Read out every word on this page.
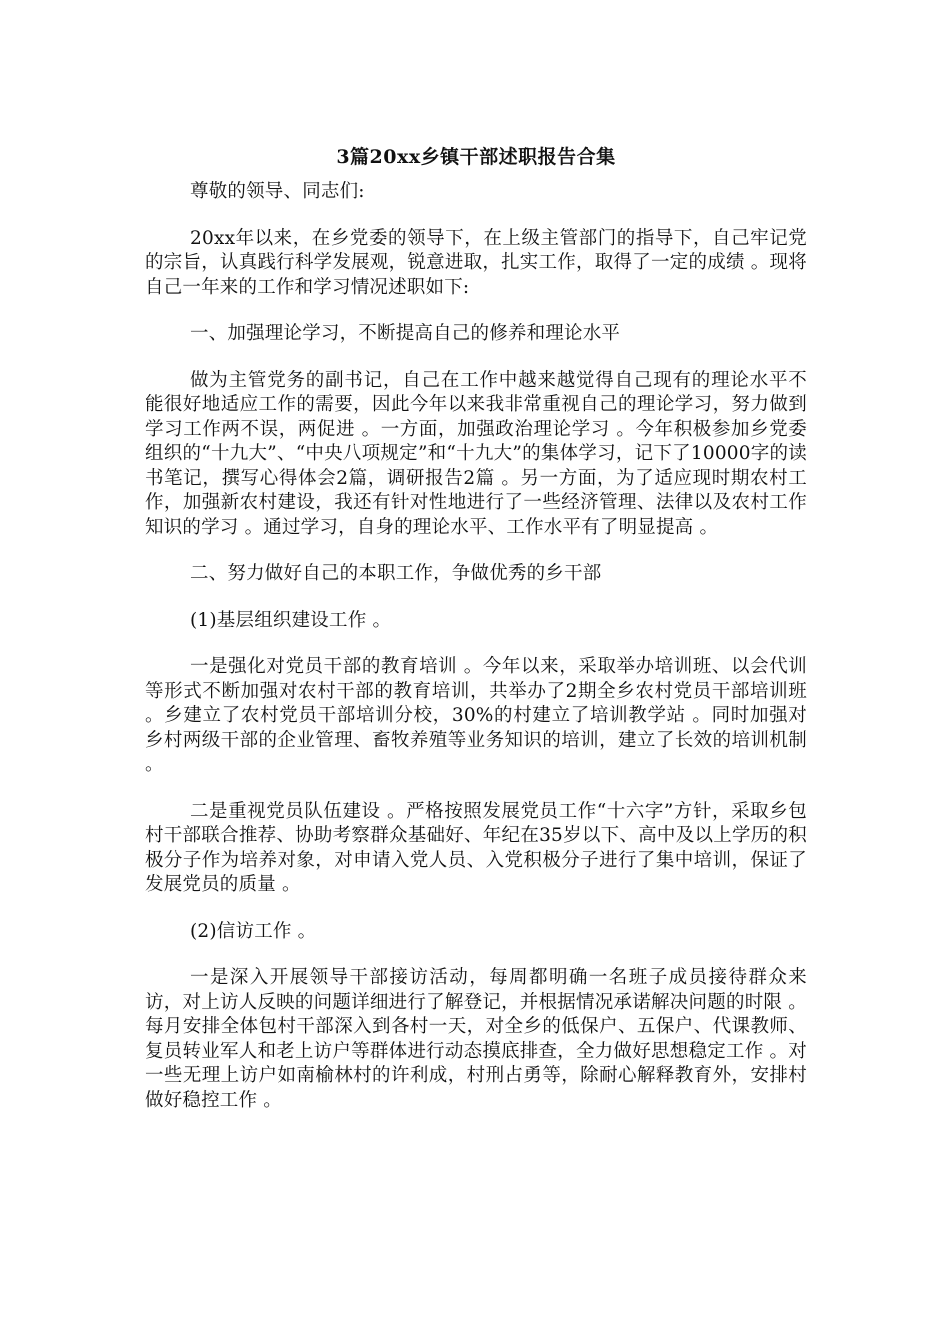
3篇20xx乡镇干部述职报告合集

尊敬的领导、同志们:

20xx年以来，在乡党委的领导下，在上级主管部门的指导下，自己牢记党的宗旨，认真践行科学发展观，锐意进取，扎实工作，取得了一定的成绩 。现将自己一年来的工作和学习情况述职如下:

一、加强理论学习，不断提高自己的修养和理论水平

做为主管党务的副书记，自己在工作中越来越觉得自己现有的理论水平不能很好地适应工作的需要，因此今年以来我非常重视自己的理论学习，努力做到学习工作两不误，两促进 。一方面，加强政治理论学习 。今年积极参加乡党委组织的“十九大”、“中央八项规定”和“十九大”的集体学习，记下了10000字的读书笔记，撰写心得体会2篇，调研报告2篇 。另一方面，为了适应现时期农村工作，加强新农村建设，我还有针对性地进行了一些经济管理、法律以及农村工作知识的学习 。通过学习，自身的理论水平、工作水平有了明显提高 。

二、努力做好自己的本职工作，争做优秀的乡干部

(1)基层组织建设工作 。

一是强化对党员干部的教育培训 。今年以来，采取举办培训班、以会代训等形式不断加强对农村干部的教育培训，共举办了2期全乡农村党员干部培训班 。乡建立了农村党员干部培训分校，30%的村建立了培训教学站 。同时加强对乡村两级干部的企业管理、畜牧养殖等业务知识的培训，建立了长效的培训机制 。

二是重视党员队伍建设 。严格按照发展党员工作“十六字”方针，采取乡包村干部联合推荐、协助考察群众基础好、年纪在35岁以下、高中及以上学历的积极分子作为培养对象，对申请入党人员、入党积极分子进行了集中培训，保证了发展党员的质量 。

(2)信访工作 。

一是深入开展领导干部接访活动，每周都明确一名班子成员接待群众来访，对上访人反映的问题详细进行了解登记，并根据情况承诺解决问题的时限 。每月安排全体包村干部深入到各村一天，对全乡的低保户、五保户、代课教师、复员转业军人和老上访户等群体进行动态摸底排查，全力做好思想稳定工作 。对一些无理上访户如南榆林村的许利成，村刑占勇等，除耐心解释教育外，安排村做好稳控工作 。
